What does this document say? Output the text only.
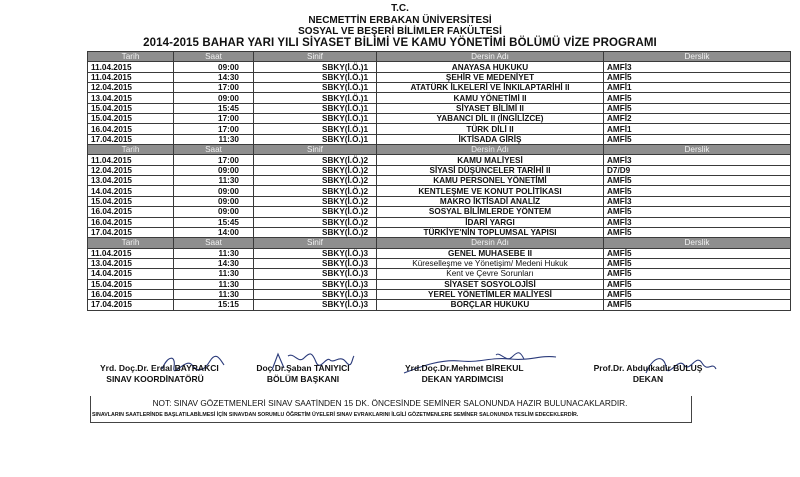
T.C.
NECMETTİN ERBAKAN ÜNİVERSİTESİ
SOSYAL VE BEŞERİ BİLİMLER FAKÜLTESİ
2014-2015 BAHAR YARI YILI SİYASET BİLİMİ VE KAMU YÖNETİMİ BÖLÜMÜ VİZE PROGRAMI
Tarih	Saat	Sinif	Dersin Adı	Derslik
11.04.2015	09:00	SBKY(İ.Ö.)1	ANAYASA HUKUKU	AMFİ3
11.04.2015	14:30	SBKY(İ.Ö.)1	ŞEHİR VE MEDENİYET	AMFİ5
12.04.2015	17:00	SBKY(İ.Ö.)1	ATATÜRK İLKELERİ VE İNKILAPTARİHİ II	AMFİ1
13.04.2015	09:00	SBKY(İ.Ö.)1	KAMU YÖNETİMİ II	AMFİ5
15.04.2015	15:45	SBKY(İ.Ö.)1	SİYASET BİLİMİ II	AMFİ5
15.04.2015	17:00	SBKY(İ.Ö.)1	YABANCI DİL II (İNGİLİZCE)	AMFİ2
16.04.2015	17:00	SBKY(İ.Ö.)1	TÜRK DİLİ II	AMFİ1
17.04.2015	11:30	SBKY(İ.Ö.)1	İKTİSADA GİRİŞ	AMFİ5
Tarih	Saat	Sinif	Dersin Adı	Derslik
11.04.2015	17:00	SBKY(İ.Ö.)2	KAMU MALİYESİ	AMFİ3
12.04.2015	09:00	SBKY(İ.Ö.)2	SİYASİ DÜŞÜNCELER TARİHİ II	D7/D9
13.04.2015	11:30	SBKY(İ.Ö.)2	KAMU PERSONEL YÖNETİMİ	AMFİ5
14.04.2015	09:00	SBKY(İ.Ö.)2	KENTLEŞME VE KONUT POLİTİKASI	AMFİ5
15.04.2015	09:00	SBKY(İ.Ö.)2	MAKRO İKTİSADİ ANALİZ	AMFİ3
16.04.2015	09:00	SBKY(İ.Ö.)2	SOSYAL BİLİMLERDE YÖNTEM	AMFİ5
16.04.2015	15:45	SBKY(İ.Ö.)2	İDARİ YARGI	AMFİ3
17.04.2015	14:00	SBKY(İ.Ö.)2	TÜRKİYE'NİN TOPLUMSAL YAPISI	AMFİ5
Tarih	Saat	Sinif	Dersin Adı	Derslik
11.04.2015	11:30	SBKY(İ.Ö.)3	GENEL MUHASEBE II	AMFİ5
13.04.2015	14:30	SBKY(İ.Ö.)3	Küreselleşme ve Yönetişim/ Medeni Hukuk	AMFİ5
14.04.2015	11:30	SBKY(İ.Ö.)3	Kent ve Çevre Sorunları	AMFİ5
15.04.2015	11:30	SBKY(İ.Ö.)3	SİYASET SOSYOLOJİSİ	AMFİ5
16.04.2015	11:30	SBKY(İ.Ö.)3	YEREL YÖNETİMLER MALİYESİ	AMFİ5
17.04.2015	15:15	SBKY(İ.Ö.)3	BORÇLAR HUKUKU	AMFİ5
Yrd. Doç.Dr. Erdal BAYRAKCI
SINAV KOORDİNATÖRÜ
Doç.Dr.Şaban TANIYICI
BÖLÜM BAŞKANI
Yrd.Doç.Dr.Mehmet BİREKUL
DEKAN YARDIMCISI
Prof.Dr. Abdulkadir BULUŞ
DEKAN
NOT: SINAV GÖZETMENLERİ SINAV SAATİNDEN 15 DK. ÖNCESİNDE SEMİNER SALONUNDA HAZIR BULUNACAKLARDIR.
SINAVLARIN SAATLERİNDE BAŞLATILABİLMESİ İÇİN SINAVDAN SORUMLU ÖĞRETİM ÜYELERİ SINAV EVRAKLARINI İLGİLİ GÖZETMENLERE SEMİNER SALONUNDA TESLİM EDECEKLERDİR.
